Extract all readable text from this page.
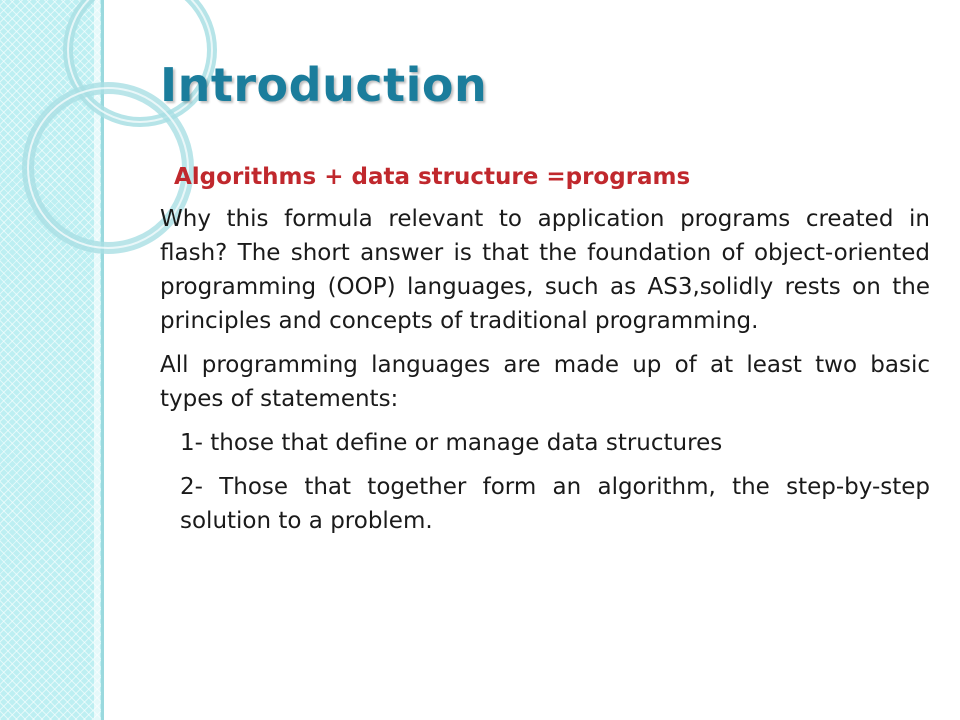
Introduction

Algorithms + data structure =programs

Why this formula relevant to application programs created in flash? The short answer is that the foundation of object-oriented programming (OOP) languages, such as AS3,solidly rests on the principles and concepts of traditional programming.

All programming languages are made up of at least two basic types of statements:

1- those that define or manage data structures

2- Those that together form an algorithm, the step-by-step solution to a problem.
